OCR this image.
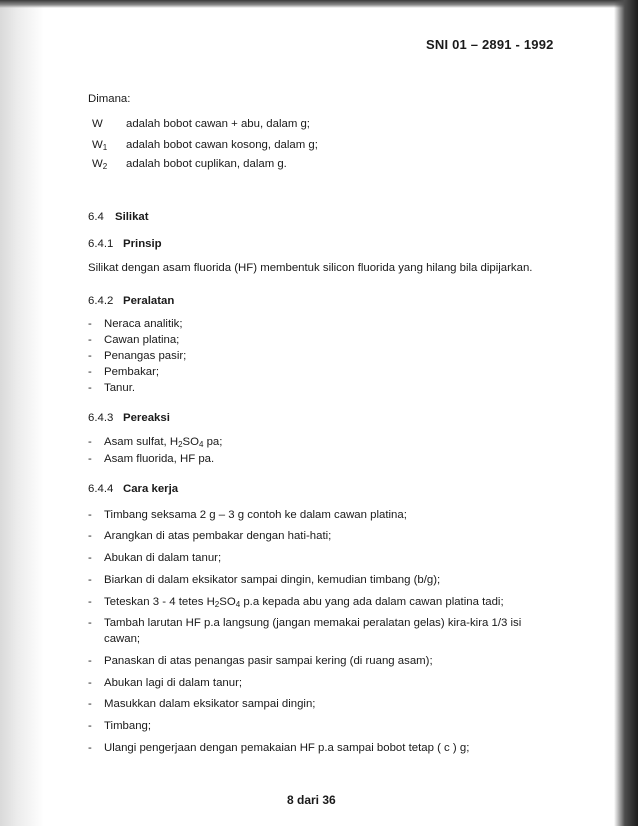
SNI 01 – 2891 - 1992
Dimana:
W adalah bobot cawan + abu, dalam g;
$W_1$ adalah bobot cawan kosong, dalam g;
$W_2$ adalah bobot cuplikan, dalam g.
6.4 Silikat
6.4.1 Prinsip
Silikat dengan asam fluorida (HF) membentuk silicon fluorida yang hilang bila dipijarkan.
6.4.2 Peralatan
- Neraca analitik;
- Cawan platina;
- Penangas pasir;
- Pembakar;
- Tanur.
6.4.3 Pereaksi
- Asam sulfat, $H_2SO_4$ pa;
- Asam fluorida, HF pa.
6.4.4 Cara kerja
- Timbang seksama 2 g – 3 g contoh ke dalam cawan platina;
- Arangkan di atas pembakar dengan hati-hati;
- Abukan di dalam tanur;
- Biarkan di dalam eksikator sampai dingin, kemudian timbang (b/g);
- Teteskan 3 - 4 tetes $H_2SO_4$ p.a kepada abu yang ada dalam cawan platina tadi;
- Tambah larutan HF p.a langsung (jangan memakai peralatan gelas) kira-kira 1/3 isi
cawan;
- Panaskan di atas penangas pasir sampai kering (di ruang asam);
- Abukan lagi di dalam tanur;
- Masukkan dalam eksikator sampai dingin;
- Timbang;
- Ulangi pengerjaan dengan pemakaian HF p.a sampai bobot tetap ( c ) g;
8 dari 36
